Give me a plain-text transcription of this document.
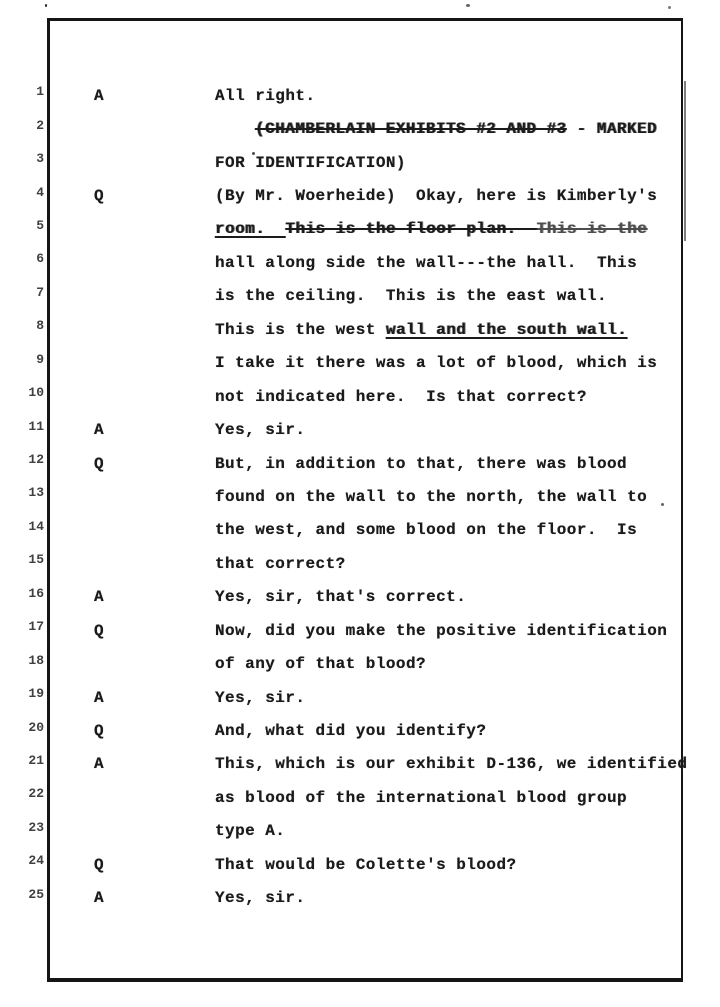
1	A	All right.
2	(CHAMBERLAIN EXHIBITS #2 AND #3 - MARKED
3	FOR IDENTIFICATION)
4	Q	(By Mr. Woerheide)  Okay, here is Kimberly's
5	room.  This is the floor plan.  This is the
6	hall along side the wall---the hall.  This
7	is the ceiling.  This is the east wall.
8	This is the west wall and the south wall.
9	I take it there was a lot of blood, which is
10	not indicated here.  Is that correct?
11	A	Yes, sir.
12	Q	But, in addition to that, there was blood
13	found on the wall to the north, the wall to
14	the west, and some blood on the floor.  Is
15	that correct?
16	A	Yes, sir, that's correct.
17	Q	Now, did you make the positive identification
18	of any of that blood?
19	A	Yes, sir.
20	Q	And, what did you identify?
21	A	This, which is our exhibit D-136, we identified
22	as blood of the international blood group
23	type A.
24	Q	That would be Colette's blood?
25	A	Yes, sir.
